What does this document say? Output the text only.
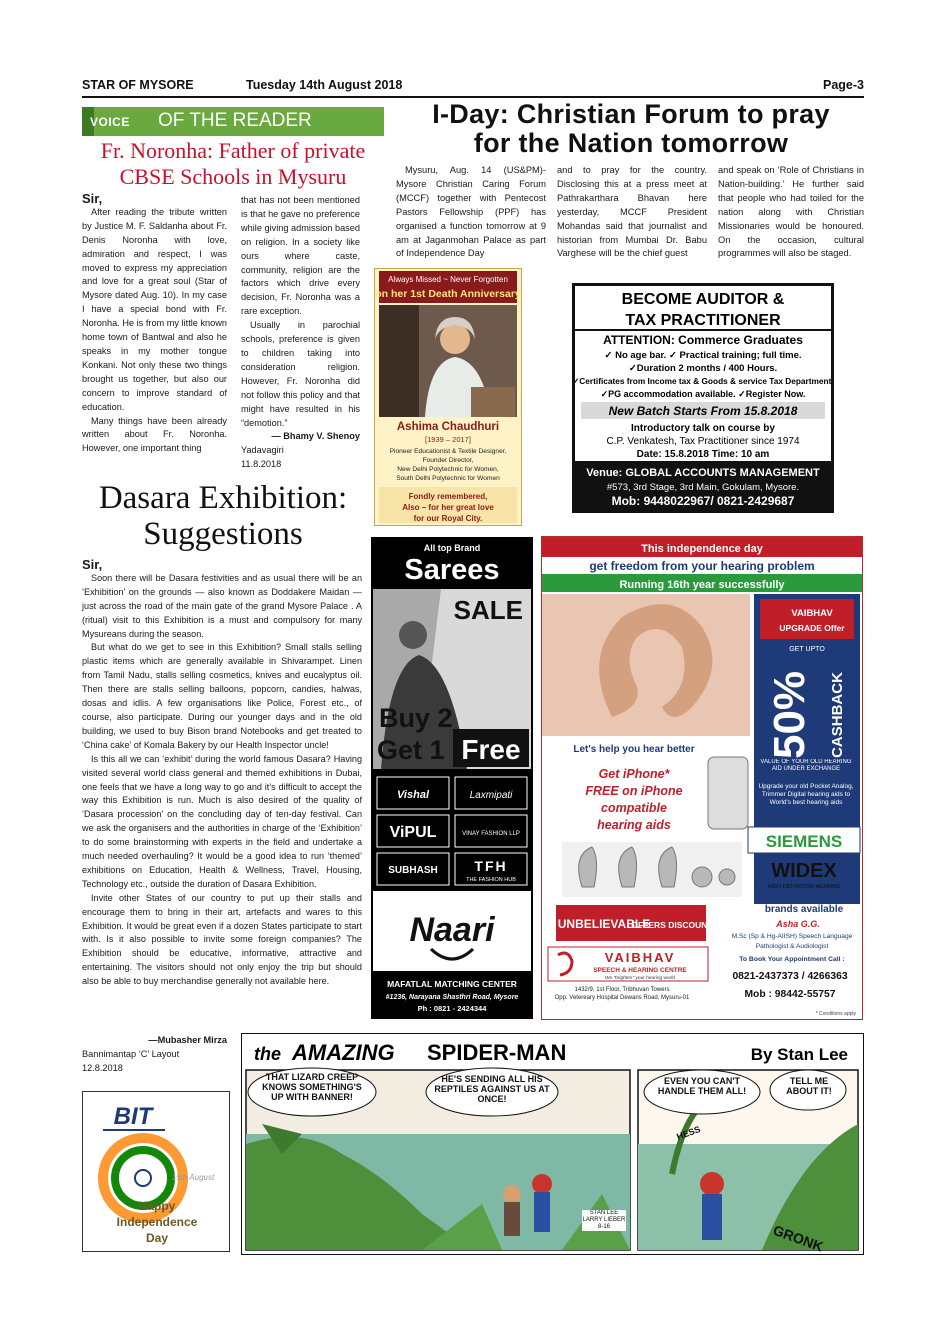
STAR OF MYSORE	Tuesday 14th August 2018	Page-3
VOICE OF THE READER
Fr. Noronha: Father of private
CBSE Schools in Mysuru
Sir,

After reading the tribute written by Justice M. F. Saldanha about Fr. Denis Noronha with love, admiration and respect, I was moved to express my appreciation and love for a great soul (Star of Mysore dated Aug. 10). In my case I have a special bond with Fr. Noronha. He is from my little known home town of Bantwal and also he speaks in my mother tongue Konkani. Not only these two things brought us together, but also our concern to improve standard of education.

Many things have been already written about Fr. Noronha. However, one important thing

that has not been mentioned is that he gave no preference while giving admission based on religion. In a society like ours where caste, community, religion are the factors which drive every decision, Fr. Noronha was a rare exception.

Usually in parochial schools, preference is given to children taking into consideration religion. However, Fr. Noronha did not follow this policy and that might have resulted in his “demotion.”

— Bhamy V. Shenoy
Yadavagiri
11.8.2018
I-Day: Christian Forum to pray
for the Nation tomorrow

Mysuru, Aug. 14 (US&PM)- Mysore Christian Caring Forum (MCCF) together with Pentecost Pastors Fellowship (PPF) has organised a function tomorrow at 9 am at Jaganmohan Palace as part of Independence Day

and to pray for the country. Disclosing this at a press meet at Pathrakarthara Bhavan here yesterday, MCCF President Mohandas said that journalist and historian from Mumbai Dr. Babu Varghese will be the chief guest

and speak on ‘Role of Christians in Nation-building.’ He further said that people who had toiled for the nation along with Christian Missionaries would be honoured. On the occasion, cultural programmes will also be staged.

Always Missed ~ Never Forgotten
on her 1st Death Anniversary
Ashima Chaudhuri
[1939 – 2017]
Pioneer Educationist & Textile Designer,
Founder Director,
New Delhi Polytechnic for Women,
South Delhi Polytechnic for Women
Fondly remembered,
Also – for her great love
for our Royal City.
BECOME AUDITOR &
TAX PRACTITIONER
ATTENTION: Commerce Graduates
✓ No age bar. ✓ Practical training; full time.
✓Duration 2 months / 400 Hours.
✓Certificates from Income tax & Goods & service Tax Department.
✓PG accommodation available. ✓Register Now.
New Batch Starts From 15.8.2018
Introductory talk on course by
C.P. Venkatesh, Tax Practitioner since 1974
Date: 15.8.2018 Time: 10 am
Venue: GLOBAL ACCOUNTS MANAGEMENT
#573, 3rd Stage, 3rd Main, Gokulam, Mysore.
Mob: 9448022967/ 0821-2429687
Dasara Exhibition:
Suggestions
Sir,

Soon there will be Dasara festivities and as usual there will be an ‘Exhibition’ on the grounds — also known as Doddakere Maidan — just across the road of the main gate of the grand Mysore Palace . A (ritual) visit to this Exhibition is a must and compulsory for many Mysureans during the season.

But what do we get to see in this Exhibition? Small stalls selling plastic items which are generally available in Shivarampet. Linen from Tamil Nadu, stalls selling cosmetics, knives and eucalyptus oil. Then there are stalls selling balloons, popcorn, candies, halwas, dosas and idlis. A few organisations like Police, Forest etc., of course, also participate. During our younger days and in the old building, we used to buy Bison brand Notebooks and get treated to ‘China cake’ of Komala Bakery by our Health Inspector uncle!

Is this all we can ‘exhibit’ during the world famous Dasara? Having visited several world class general and themed exhibitions in Dubai, one feels that we have a long way to go and it’s difficult to accept the way this Exhibition is run. Much is also desired of the quality of ‘Dasara procession’ on the concluding day of ten-day festival. Can we ask the organisers and the authorities in charge of the ‘Exhibition’ to do some brainstorming with experts in the field and undertake a much needed overhauling? It would be a good idea to run ‘themed’ exhibitions on Education, Health & Wellness, Travel, Housing, Technology etc., outside the duration of Dasara Exhibition.

Invite other States of our country to put up their stalls and encourage them to bring in their art, artefacts and wares to this Exhibition. It would be great even if a dozen States participate to start with. Is it also possible to invite some foreign companies? The Exhibition should be educative, informative, attractive and entertaining. The visitors should not only enjoy the trip but should also be able to buy merchandise generally not available here.

—Mubasher Mirza
Bannimantap ‘C’ Layout
12.8.2018
All top Brand
Sarees
SALE
Buy 2
Get 1 Free
Vishal	Laxmipati
ViPUL	VINAY FASHION LLP
SUBHASH	TFH
THE FASHION HUB
Naari
MAFATLAL MATCHING CENTER
#1236, Narayana Shasthri Road, Mysore
Ph : 0821 - 2424344
This independence day
get freedom from your hearing problem
Running 16th year successfully
VAIBHAV
UPGRADE Offer
GET UPTO
50% CASHBACK
VALUE OF YOUR OLD HEARING AID UNDER EXCHANGE
Upgrade your old Pocket Analog, Trimmer Digital hearing aids to World's best hearing aids
Let's help you hear better
Get iPhone*
FREE on iPhone
compatible
hearing aids
SIEMENS
WIDEX
HIGH DEFINITION HEARING
All major
brands available
UNBELIEVABLE
OFFERS DISCOUNT	Asha G.G.
M.Sc (Sp & Hg-AIISH) Speech Language
Pathologist & Audiologist
VAIBHAV
SPEECH & HEARING CENTRE
We "brighten" your hearing world
1432/9, 1st Floor, Tribhuvan Towers
Opp. Vetereary Hospital Dewans Road, Mysuru-01
To Book Your Appointment Call :
0821-2437373 / 4266363
Mob : 98442-55757
* Conditions apply
the AMAZING SPIDER-MAN	By Stan Lee
THAT LIZARD CREEP KNOWS SOMETHING'S UP WITH BANNER!
HE'S SENDING ALL HIS REPTILES AGAINST US AT ONCE!
EVEN YOU CAN'T HANDLE THEM ALL!
TELL ME ABOUT IT!
HESS
GRONK
STAN LEE LARRY LIEBER 8-16
BIT
15th August
Happy
Independence
Day
